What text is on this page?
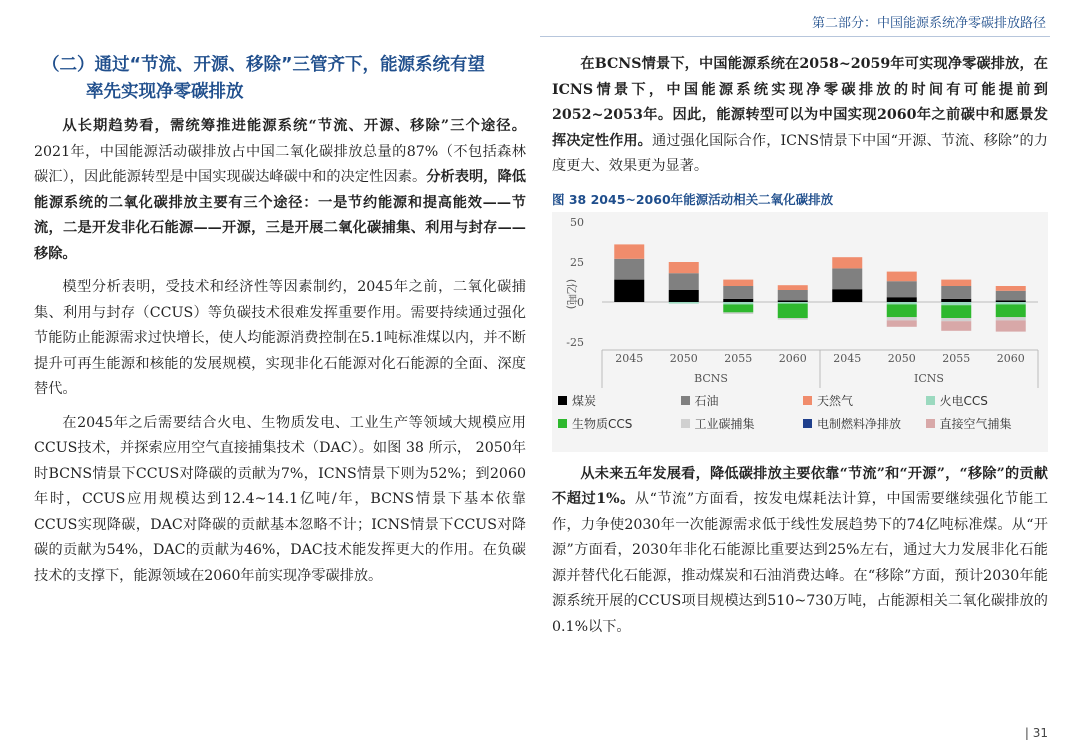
第二部分：中国能源系统净零碳排放路径
（二）通过“节流、开源、移除”三管齐下，能源系统有望
率先实现净零碳排放

从长期趋势看，需统筹推进能源系统“节流、开源、移除”三个途径。2021年，中国能源活动碳排放占中国二氧化碳排放总量的87%（不包括森林碳汇），因此能源转型是中国实现碳达峰碳中和的决定性因素。分析表明，降低能源系统的二氧化碳排放主要有三个途径：一是节约能源和提高能效——节流，二是开发非化石能源——开源，三是开展二氧化碳捕集、利用与封存——移除。

模型分析表明，受技术和经济性等因素制约，2045年之前，二氧化碳捕集、利用与封存（CCUS）等负碳技术很难发挥重要作用。需要持续通过强化节能防止能源需求过快增长，使人均能源消费控制在5.1吨标准煤以内，并不断提升可再生能源和核能的发展规模，实现非化石能源对化石能源的全面、深度替代。

在2045年之后需要结合火电、生物质发电、工业生产等领域大规模应用CCUS技术，并探索应用空气直接捕集技术（DAC）。如图 38 所示， 2050年时BCNS情景下CCUS对降碳的贡献为7%，ICNS情景下则为52%；到2060年时，CCUS应用规模达到12.4~14.1亿吨/年，BCNS情景下基本依靠CCUS实现降碳，DAC对降碳的贡献基本忽略不计；ICNS情景下CCUS对降碳的贡献为54%，DAC的贡献为46%，DAC技术能发挥更大的作用。在负碳技术的支撑下，能源领域在2060年前实现净零碳排放。

在BCNS情景下，中国能源系统在2058~2059年可实现净零碳排放，在ICNS情景下，中国能源系统实现净零碳排放的时间有可能提前到2052~2053年。因此，能源转型可以为中国实现2060年之前碳中和愿景发挥决定性作用。通过强化国际合作，ICNS情景下中国“开源、节流、移除”的力度更大、效果更为显著。

图 38 2045~2060年能源活动相关二氧化碳排放
50
25
0
-25
(亿吨)
2045 2050 2055 2060 2045 2050 2055 2060
BCNS	ICNS
煤炭	石油	天然气	火电CCS
生物质CCS	工业碳捕集	电制燃料净排放	直接空气捕集

从未来五年发展看，降低碳排放主要依靠“节流”和“开源”，“移除”的贡献不超过1%。从“节流”方面看，按发电煤耗法计算，中国需要继续强化节能工作，力争使2030年一次能源需求低于线性发展趋势下的74亿吨标准煤。从“开源”方面看，2030年非化石能源比重要达到25%左右，通过大力发展非化石能源并替代化石能源，推动煤炭和石油消费达峰。在“移除”方面，预计2030年能源系统开展的CCUS项目规模达到510~730万吨，占能源相关二氧化碳排放的0.1%以下。

| 31
